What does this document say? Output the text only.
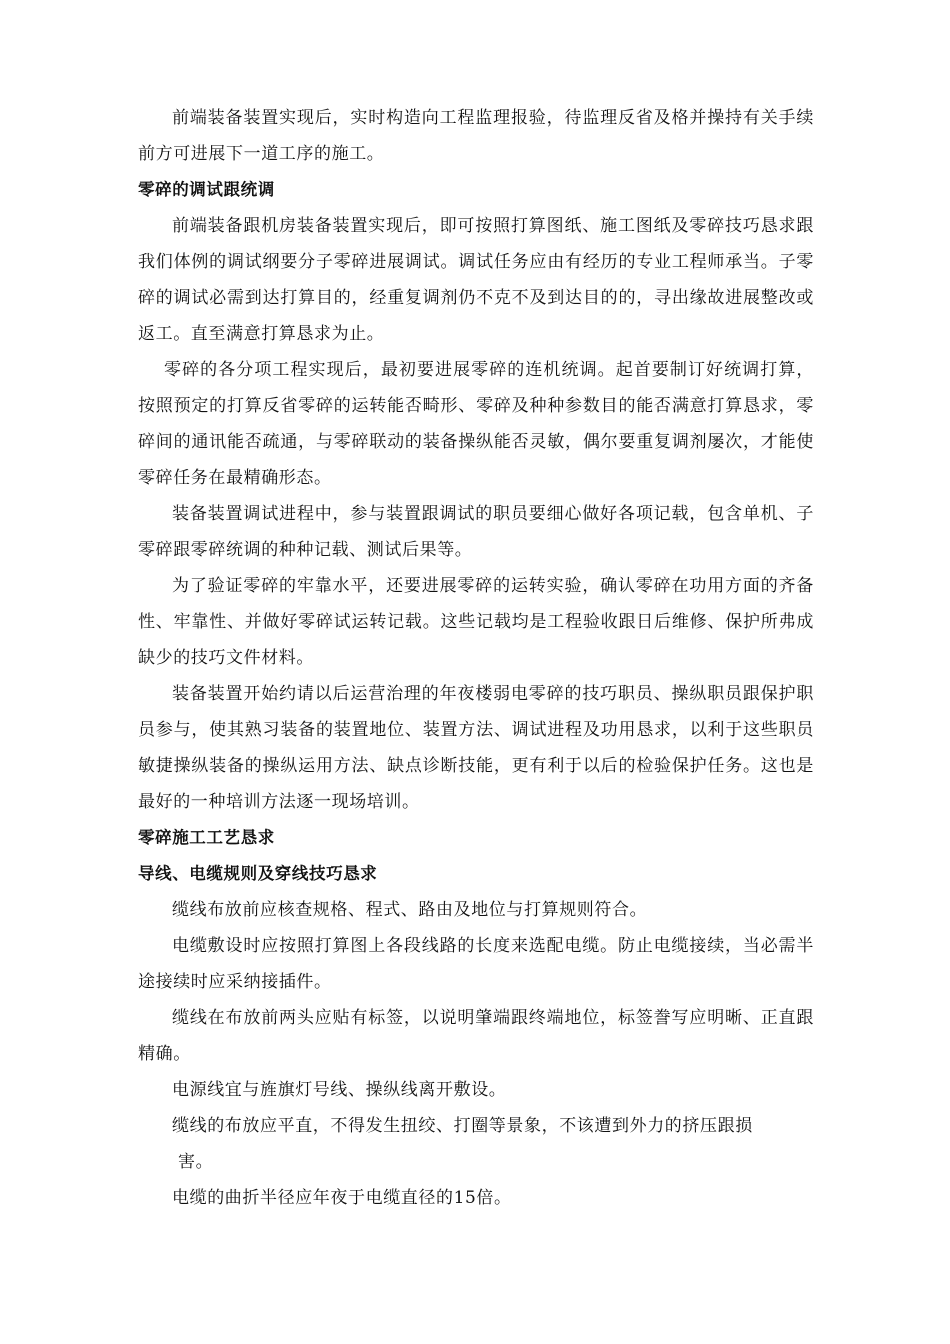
前端装备装置实现后，实时构造向工程监理报验，待监理反省及格并操持有关手续前方可进展下一道工序的施工。

零碎的调试跟统调

前端装备跟机房装备装置实现后，即可按照打算图纸、施工图纸及零碎技巧恳求跟我们体例的调试纲要分子零碎进展调试。调试任务应由有经历的专业工程师承当。子零碎的调试必需到达打算目的，经重复调剂仍不克不及到达目的的，寻出缘故进展整改或返工。直至满意打算恳求为止。

零碎的各分项工程实现后，最初要进展零碎的连机统调。起首要制订好统调打算，按照预定的打算反省零碎的运转能否畸形、零碎及种种参数目的能否满意打算恳求，零碎间的通讯能否疏通，与零碎联动的装备操纵能否灵敏，偶尔要重复调剂屡次，才能使零碎任务在最精确形态。

装备装置调试进程中，参与装置跟调试的职员要细心做好各项记载，包含单机、子零碎跟零碎统调的种种记载、测试后果等。

为了验证零碎的牢靠水平，还要进展零碎的运转实验，确认零碎在功用方面的齐备性、牢靠性、并做好零碎试运转记载。这些记载均是工程验收跟日后维修、保护所弗成缺少的技巧文件材料。

装备装置开始约请以后运营治理的年夜楼弱电零碎的技巧职员、操纵职员跟保护职员参与，使其熟习装备的装置地位、装置方法、调试进程及功用恳求，以利于这些职员敏捷操纵装备的操纵运用方法、缺点诊断技能，更有利于以后的检验保护任务。这也是最好的一种培训方法逐一现场培训。

零碎施工工艺恳求

导线、电缆规则及穿线技巧恳求

缆线布放前应核查规格、程式、路由及地位与打算规则符合。

电缆敷设时应按照打算图上各段线路的长度来选配电缆。防止电缆接续，当必需半途接续时应采纳接插件。

缆线在布放前两头应贴有标签，以说明肇端跟终端地位，标签誊写应明晰、正直跟精确。

电源线宜与旌旗灯号线、操纵线离开敷设。

缆线的布放应平直，不得发生扭绞、打圈等景象，不该遭到外力的挤压跟损
害。

电缆的曲折半径应年夜于电缆直径的15倍。
